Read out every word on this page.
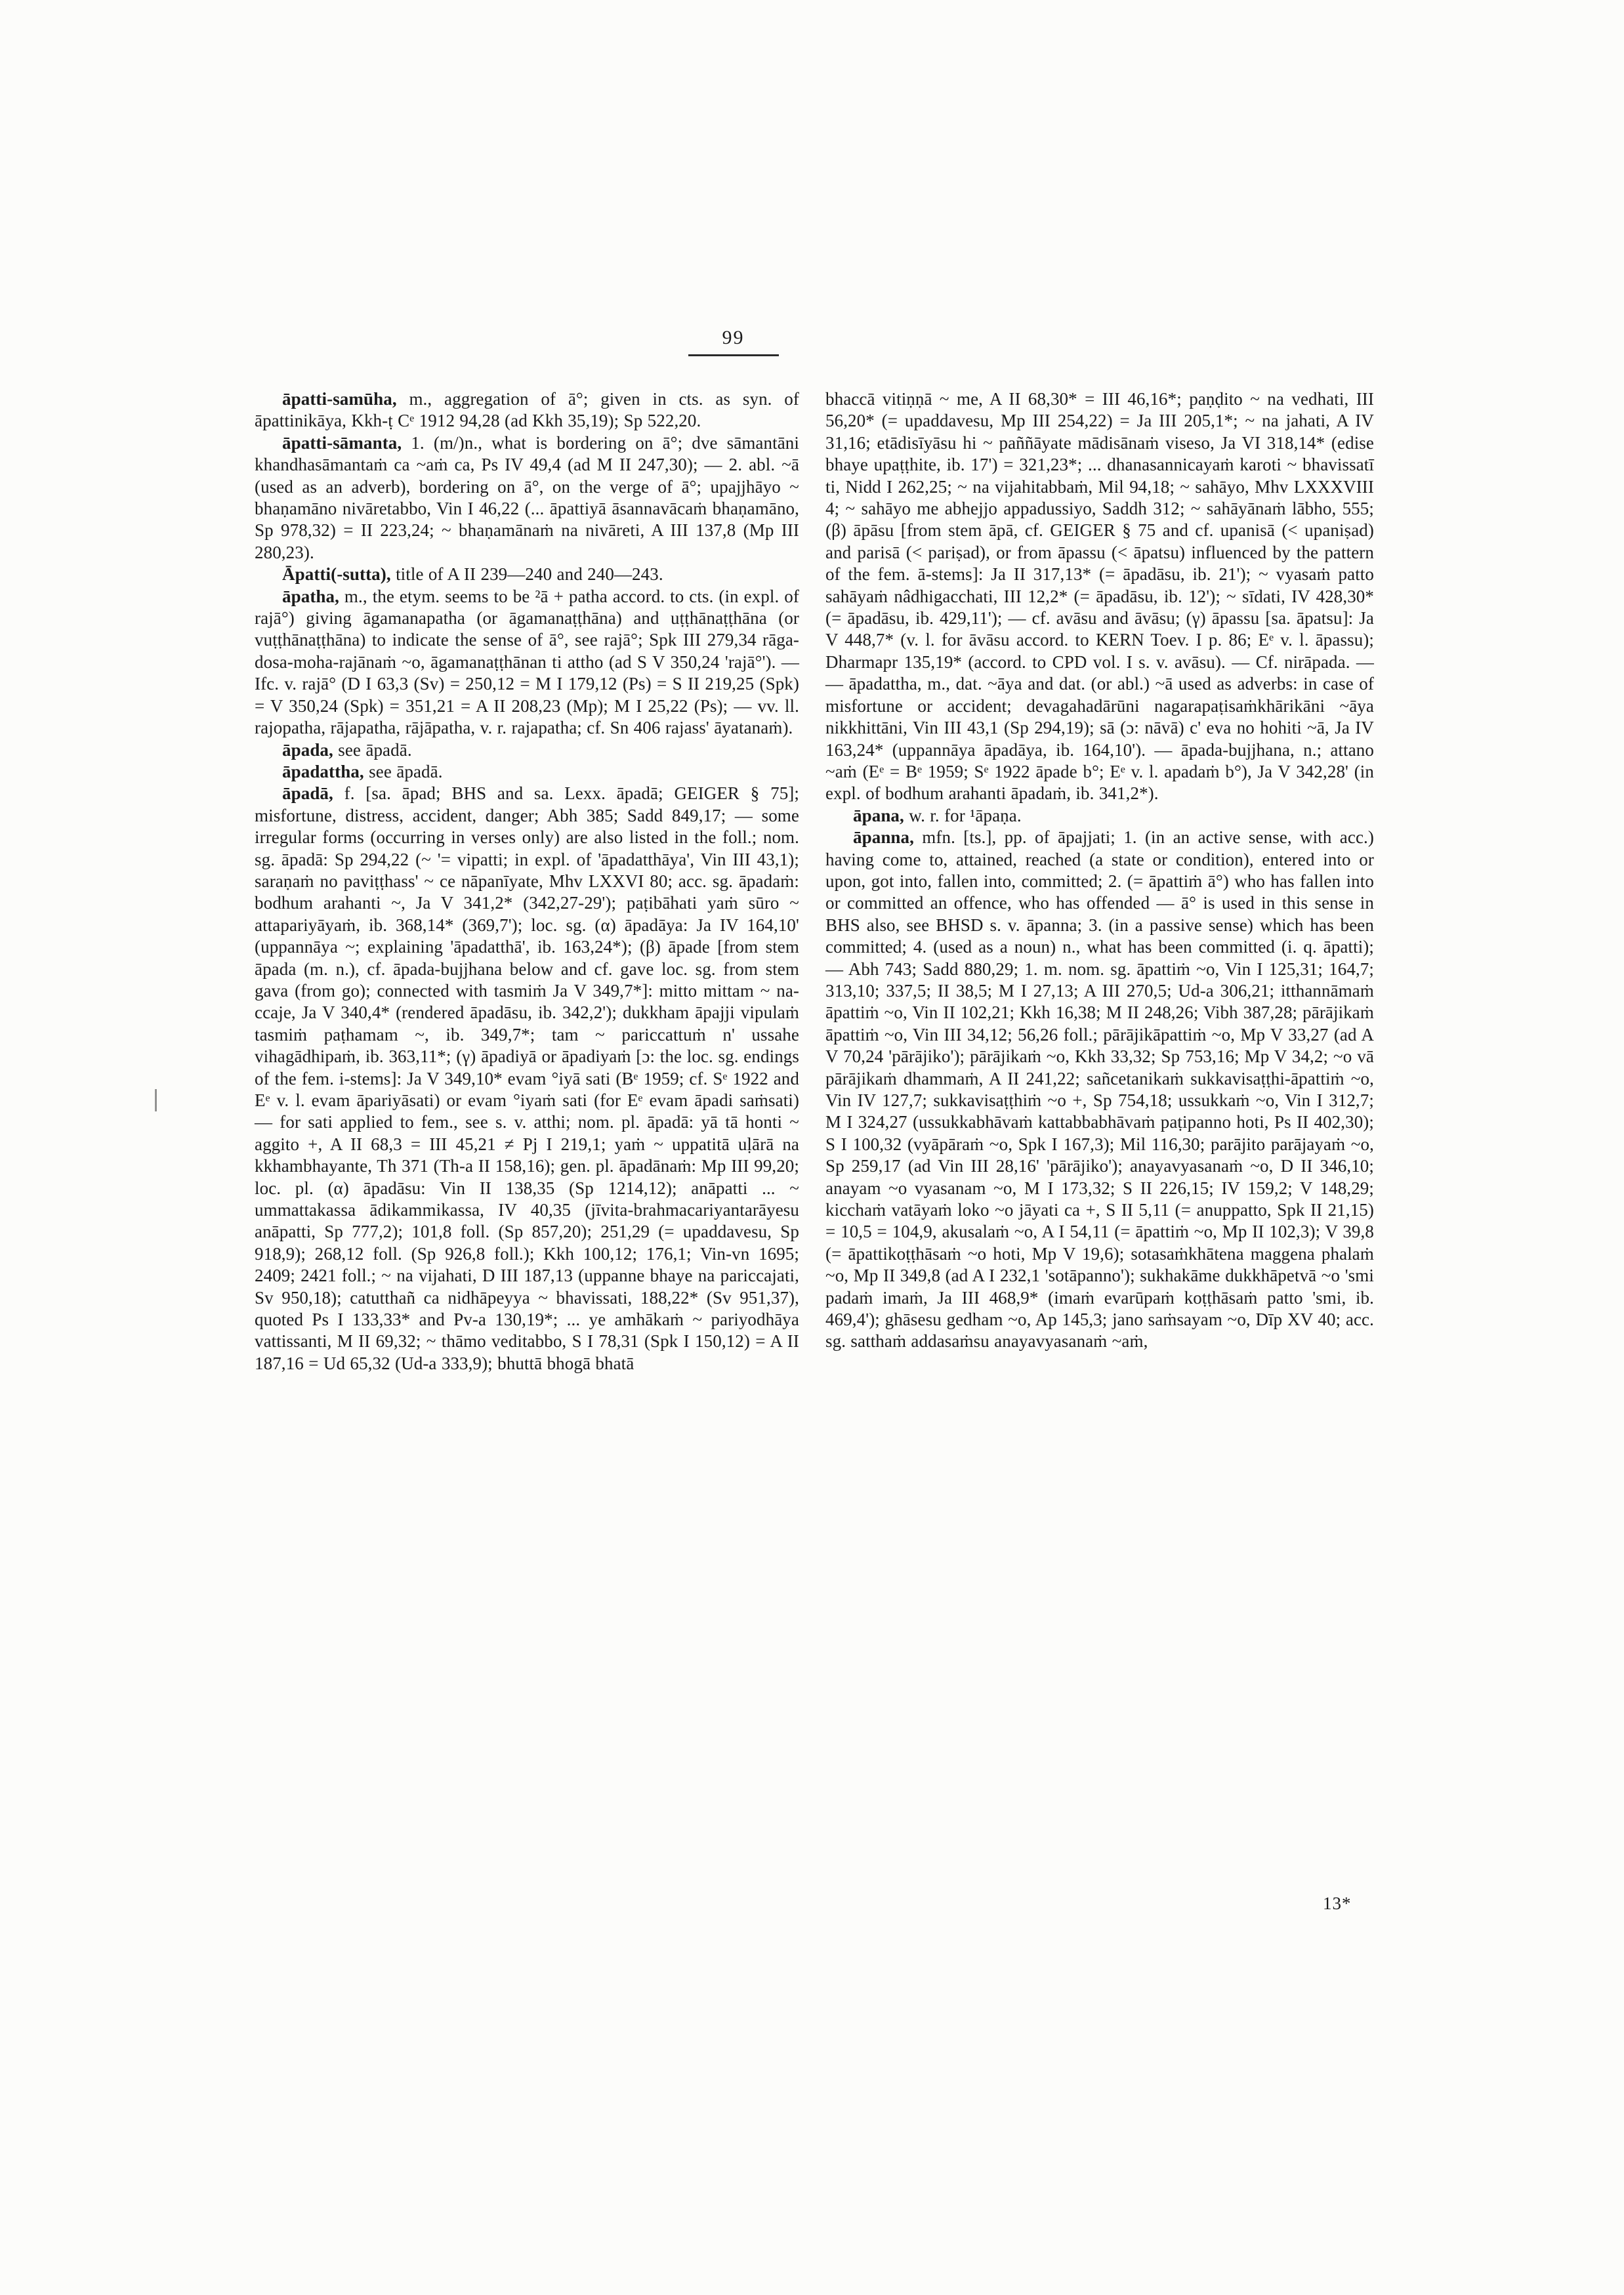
99

āpatti-samūha, m., aggregation of ā°; given in cts. as syn. of āpattinikāya, Kkh-ṭ Cᵉ 1912 94,28 (ad Kkh 35,19); Sp 522,20.

āpatti-sāmanta, 1. (m/)n., what is bordering on ā°; dve sāmantāni khandhasāmantaṁ ca ~aṁ ca, Ps IV 49,4 (ad M II 247,30); — 2. abl. ~ā (used as an adverb), bordering on ā°, on the verge of ā°; upajjhāyo ~ bhaṇamāno nivāretabbo, Vin I 46,22 (... āpattiyā āsannavācaṁ bhaṇamāno, Sp 978,32) = II 223,24; ~ bhaṇamānaṁ na nivāreti, A III 137,8 (Mp III 280,23).

Āpatti(-sutta), title of A II 239—240 and 240—243.

āpatha, m., the etym. seems to be ²ā + patha accord. to cts. (in expl. of rajā°) giving āgamanapatha (or āgamanaṭṭhāna) and uṭṭhānaṭṭhāna (or vuṭṭhānaṭṭhāna) to indicate the sense of ā°, see rajā°; Spk III 279,34 rāga-dosa-moha-rajānaṁ ~o, āgamanaṭṭhānan ti attho (ad S V 350,24 'rajā°'). — Ifc. v. rajā° (D I 63,3 (Sv) = 250,12 = M I 179,12 (Ps) = S II 219,25 (Spk) = V 350,24 (Spk) = 351,21 = A II 208,23 (Mp); M I 25,22 (Ps); — vv. ll. rajopatha, rājapatha, rājāpatha, v. r. rajapatha; cf. Sn 406 rajass' āyatanaṁ).

āpada, see āpadā.

āpadattha, see āpadā.

āpadā, f. [sa. āpad; BHS and sa. Lexx. āpadā; GEIGER § 75]; misfortune, distress, accident, danger; Abh 385; Sadd 849,17; — some irregular forms (occurring in verses only) are also listed in the foll.; nom. sg. āpadā: Sp 294,22 (~ '= vipatti; in expl. of 'āpadatthāya', Vin III 43,1); saraṇaṁ no paviṭṭhass' ~ ce nāpanīyate, Mhv LXXVI 80; acc. sg. āpadaṁ: bodhum arahanti ~, Ja V 341,2* (342,27-29'); paṭibāhati yaṁ sūro ~ attapariyāyaṁ, ib. 368,14* (369,7'); loc. sg. (α) āpadāya: Ja IV 164,10' (uppannāya ~; explaining 'āpadatthā', ib. 163,24*); (β) āpade [from stem āpada (m. n.), cf. āpada-bujjhana below and cf. gave loc. sg. from stem gava (from go); connected with tasmiṁ Ja V 349,7*]: mitto mittam ~ na-ccaje, Ja V 340,4* (rendered āpadāsu, ib. 342,2'); dukkham āpajji vipulaṁ tasmiṁ paṭhamam ~, ib. 349,7*; tam ~ pariccattuṁ n' ussahe vihagādhipaṁ, ib. 363,11*; (γ) āpadiyā or āpadiyaṁ [ɔ: the loc. sg. endings of the fem. i-stems]: Ja V 349,10* evam °iyā sati (Bᵉ 1959; cf. Sᵉ 1922 and Eᵉ v. l. evam āpariyāsati) or evam °iyaṁ sati (for Eᵉ evam āpadi saṁsati) — for sati applied to fem., see s. v. atthi; nom. pl. āpadā: yā tā honti ~ aggito +, A II 68,3 = III 45,21 ≠ Pj I 219,1; yaṁ ~ uppatitā uḷārā na kkhambhayante, Th 371 (Th-a II 158,16); gen. pl. āpadānaṁ: Mp III 99,20; loc. pl. (α) āpadāsu: Vin II 138,35 (Sp 1214,12); anāpatti ... ~ ummattakassa ādikammikassa, IV 40,35 (jīvita-brahmacariyantarāyesu anāpatti, Sp 777,2); 101,8 foll. (Sp 857,20); 251,29 (= upaddavesu, Sp 918,9); 268,12 foll. (Sp 926,8 foll.); Kkh 100,12; 176,1; Vin-vn 1695; 2409; 2421 foll.; ~ na vijahati, D III 187,13 (uppanne bhaye na pariccajati, Sv 950,18); catutthañ ca nidhāpeyya ~ bhavissati, 188,22* (Sv 951,37), quoted Ps I 133,33* and Pv-a 130,19*; ... ye amhākaṁ ~ pariyodhāya vattissanti, M II 69,32; ~ thāmo veditabbo, S I 78,31 (Spk I 150,12) = A II 187,16 = Ud 65,32 (Ud-a 333,9); bhuttā bhogā bhatā

bhaccā vitiṇṇā ~ me, A II 68,30* = III 46,16*; paṇḍito ~ na vedhati, III 56,20* (= upaddavesu, Mp III 254,22) = Ja III 205,1*; ~ na jahati, A IV 31,16; etādisīyāsu hi ~ paññāyate mādisānaṁ viseso, Ja VI 318,14* (edise bhaye upaṭṭhite, ib. 17') = 321,23*; ... dhanasannicayaṁ karoti ~ bhavissatī ti, Nidd I 262,25; ~ na vijahitabbaṁ, Mil 94,18; ~ sahāyo, Mhv LXXXVIII 4; ~ sahāyo me abhejjo appadussiyo, Saddh 312; ~ sahāyānaṁ lābho, 555; (β) āpāsu [from stem āpā, cf. GEIGER § 75 and cf. upanisā (< upaniṣad) and parisā (< pariṣad), or from āpassu (< āpatsu) influenced by the pattern of the fem. ā-stems]: Ja II 317,13* (= āpadāsu, ib. 21'); ~ vyasaṁ patto sahāyaṁ nâdhigacchati, III 12,2* (= āpadāsu, ib. 12'); ~ sīdati, IV 428,30* (= āpadāsu, ib. 429,11'); — cf. avāsu and āvāsu; (γ) āpassu [sa. āpatsu]: Ja V 448,7* (v. l. for āvāsu accord. to KERN Toev. I p. 86; Eᵉ v. l. āpassu); Dharmapr 135,19* (accord. to CPD vol. I s. v. avāsu). — Cf. nirāpada. — — āpadattha, m., dat. ~āya and dat. (or abl.) ~ā used as adverbs: in case of misfortune or accident; devagahadārūni nagarapaṭisaṁkhārikāni ~āya nikkhittāni, Vin III 43,1 (Sp 294,19); sā (ɔ: nāvā) c' eva no hohiti ~ā, Ja IV 163,24* (uppannāya āpadāya, ib. 164,10'). — āpada-bujjhana, n.; attano ~aṁ (Eᵉ = Bᵉ 1959; Sᵉ 1922 āpade b°; Eᵉ v. l. apadaṁ b°), Ja V 342,28' (in expl. of bodhum arahanti āpadaṁ, ib. 341,2*).

āpana, w. r. for ¹āpaṇa.

āpanna, mfn. [ts.], pp. of āpajjati; 1. (in an active sense, with acc.) having come to, attained, reached (a state or condition), entered into or upon, got into, fallen into, committed; 2. (= āpattiṁ ā°) who has fallen into or committed an offence, who has offended — ā° is used in this sense in BHS also, see BHSD s. v. āpanna; 3. (in a passive sense) which has been committed; 4. (used as a noun) n., what has been committed (i. q. āpatti); — Abh 743; Sadd 880,29; 1. m. nom. sg. āpattiṁ ~o, Vin I 125,31; 164,7; 313,10; 337,5; II 38,5; M I 27,13; A III 270,5; Ud-a 306,21; itthannāmaṁ āpattiṁ ~o, Vin II 102,21; Kkh 16,38; M II 248,26; Vibh 387,28; pārājikaṁ āpattiṁ ~o, Vin III 34,12; 56,26 foll.; pārājikāpattiṁ ~o, Mp V 33,27 (ad A V 70,24 'pārājiko'); pārājikaṁ ~o, Kkh 33,32; Sp 753,16; Mp V 34,2; ~o vā pārājikaṁ dhammaṁ, A II 241,22; sañcetanikaṁ sukkavisaṭṭhi-āpattiṁ ~o, Vin IV 127,7; sukkavisaṭṭhiṁ ~o +, Sp 754,18; ussukkaṁ ~o, Vin I 312,7; M I 324,27 (ussukkabhāvaṁ kattabbabhāvaṁ paṭipanno hoti, Ps II 402,30); S I 100,32 (vyāpāraṁ ~o, Spk I 167,3); Mil 116,30; parājito parājayaṁ ~o, Sp 259,17 (ad Vin III 28,16' 'pārājiko'); anayavyasanaṁ ~o, D II 346,10; anayam ~o vyasanam ~o, M I 173,32; S II 226,15; IV 159,2; V 148,29; kicchaṁ vatāyaṁ loko ~o jāyati ca +, S II 5,11 (= anuppatto, Spk II 21,15) = 10,5 = 104,9, akusalaṁ ~o, A I 54,11 (= āpattiṁ ~o, Mp II 102,3); V 39,8 (= āpattikoṭṭhāsaṁ ~o hoti, Mp V 19,6); sotasaṁkhātena maggena phalaṁ ~o, Mp II 349,8 (ad A I 232,1 'sotāpanno'); sukhakāme dukkhāpetvā ~o 'smi padaṁ imaṁ, Ja III 468,9* (imaṁ evarūpaṁ koṭṭhāsaṁ patto 'smi, ib. 469,4'); ghāsesu gedham ~o, Ap 145,3; jano saṁsayam ~o, Dīp XV 40; acc. sg. satthaṁ addasaṁsu anayavyasanaṁ ~aṁ,

13*
